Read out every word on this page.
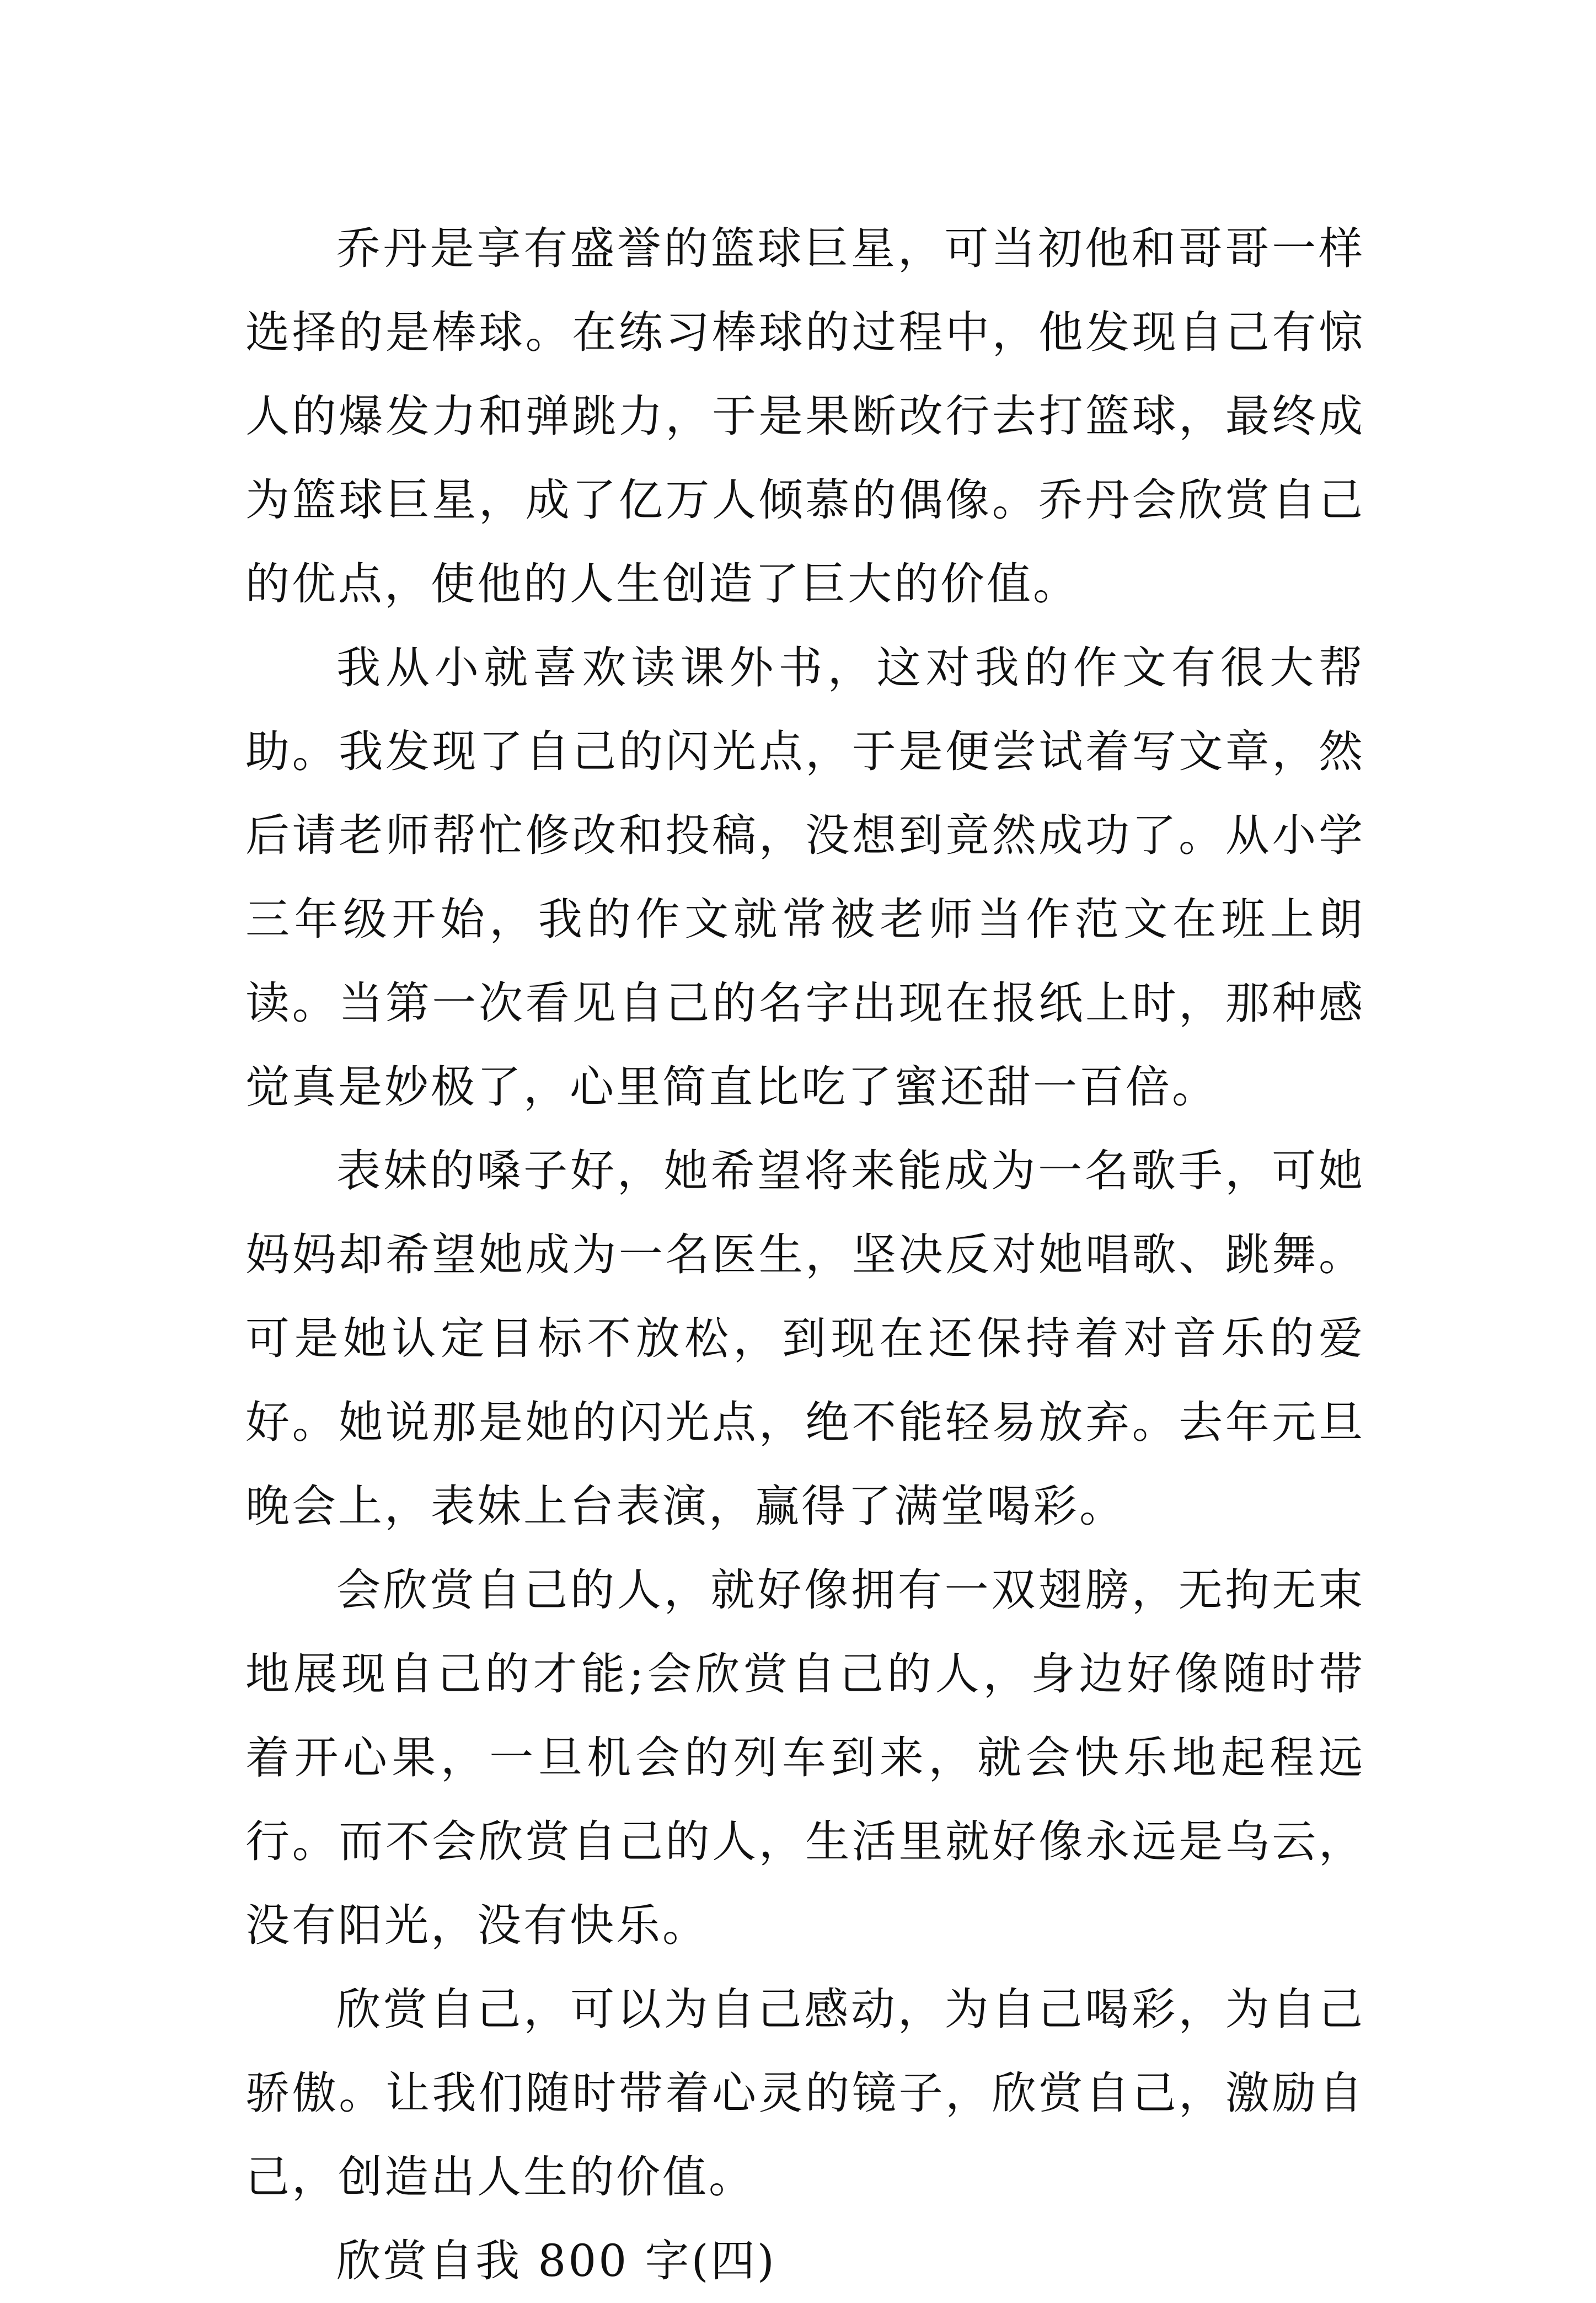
乔丹是享有盛誉的篮球巨星，可当初他和哥哥一样选择的是棒球。在练习棒球的过程中，他发现自己有惊人的爆发力和弹跳力，于是果断改行去打篮球，最终成为篮球巨星，成了亿万人倾慕的偶像。乔丹会欣赏自己的优点，使他的人生创造了巨大的价值。

我从小就喜欢读课外书，这对我的作文有很大帮助。我发现了自己的闪光点，于是便尝试着写文章，然后请老师帮忙修改和投稿，没想到竟然成功了。从小学三年级开始，我的作文就常被老师当作范文在班上朗读。当第一次看见自己的名字出现在报纸上时，那种感觉真是妙极了，心里简直比吃了蜜还甜一百倍。

表妹的嗓子好，她希望将来能成为一名歌手，可她妈妈却希望她成为一名医生，坚决反对她唱歌、跳舞。可是她认定目标不放松，到现在还保持着对音乐的爱好。她说那是她的闪光点，绝不能轻易放弃。去年元旦晚会上，表妹上台表演，赢得了满堂喝彩。

会欣赏自己的人，就好像拥有一双翅膀，无拘无束地展现自己的才能;会欣赏自己的人，身边好像随时带着开心果，一旦机会的列车到来，就会快乐地起程远行。而不会欣赏自己的人，生活里就好像永远是乌云，没有阳光，没有快乐。

欣赏自己，可以为自己感动，为自己喝彩，为自己骄傲。让我们随时带着心灵的镜子，欣赏自己，激励自己，创造出人生的价值。

欣赏自我 800 字(四)
